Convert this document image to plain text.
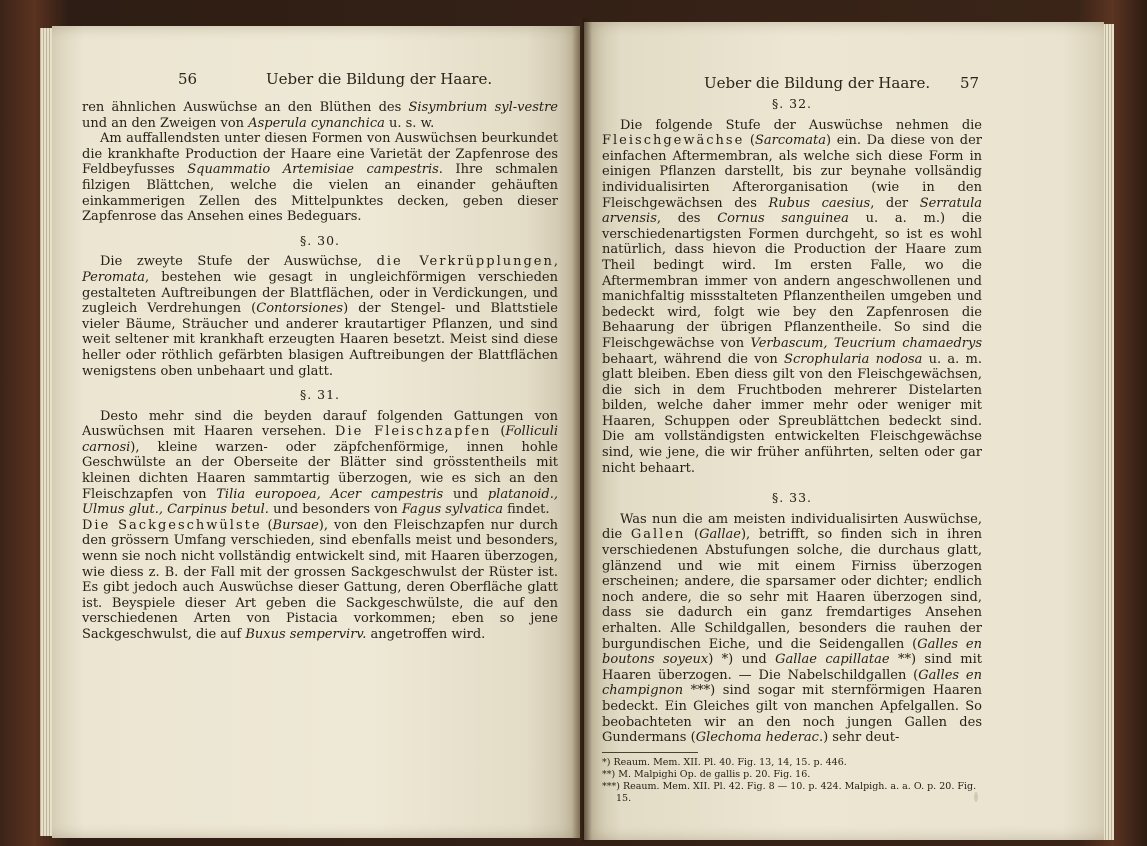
56	Ueber die Bildung der Haare.

ren ähnlichen Auswüchse an den Blüthen des Sisymbrium syl-vestre und an den Zweigen von Asperula cynanchica u. s. w.

Am auffallendsten unter diesen Formen von Auswüchsen beurkundet die krankhafte Production der Haare eine Varietät der Zapfenrose des Feldbeyfusses Squammatio Artemisiae campestris. Ihre schmalen filzigen Blättchen, welche die vielen an einander gehäuften einkammerigen Zellen des Mittelpunktes decken, geben dieser Zapfenrose das Ansehen eines Bedeguars.

§. 30.

Die zweyte Stufe der Auswüchse, die Verkrüpplungen, Peromata, bestehen wie gesagt in ungleichförmigen verschieden gestalteten Auftreibungen der Blattflächen, oder in Verdickungen, und zugleich Verdrehungen (Contorsiones) der Stengel- und Blattstiele vieler Bäume, Sträucher und anderer krautartiger Pflanzen, und sind weit seltener mit krankhaft erzeugten Haaren besetzt. Meist sind diese heller oder röthlich gefärbten blasigen Auftreibungen der Blattflächen wenigstens oben unbehaart und glatt.

§. 31.

Desto mehr sind die beyden darauf folgenden Gattungen von Auswüchsen mit Haaren versehen. Die Fleischzapfen (Folliculi carnosi), kleine warzen- oder zäpfchenförmige, innen hohle Geschwülste an der Oberseite der Blätter sind grösstentheils mit kleinen dichten Haaren sammtartig überzogen, wie es sich an den Fleischzapfen von Tilia europoea, Acer campestris und platanoid., Ulmus glut., Carpinus betul. und besonders von Fagus sylvatica findet.

Die Sackgeschwülste (Bursae), von den Fleischzapfen nur durch den grössern Umfang verschieden, sind ebenfalls meist und besonders, wenn sie noch nicht vollständig entwickelt sind, mit Haaren überzogen, wie diess z. B. der Fall mit der grossen Sackgeschwulst der Rüster ist. Es gibt jedoch auch Auswüchse dieser Gattung, deren Oberfläche glatt ist. Beyspiele dieser Art geben die Sackgeschwülste, die auf den verschiedenen Arten von Pistacia vorkommen; eben so jene Sackgeschwulst, die auf Buxus sempervirv. angetroffen wird.

Ueber die Bildung der Haare. 57
§. 32.

Die folgende Stufe der Auswüchse nehmen die Fleischgewächse (Sarcomata) ein. Da diese von der einfachen Aftermembran, als welche sich diese Form in einigen Pflanzen darstellt, bis zur beynahe vollsändig individualisirten Afterorganisation (wie in den Fleischgewächsen des Rubus caesius, der Serratula arvensis, des Cornus sanguinea u. a. m.) die verschiedenartigsten Formen durchgeht, so ist es wohl natürlich, dass hievon die Production der Haare zum Theil bedingt wird. Im ersten Falle, wo die Aftermembran immer von andern angeschwollenen und manichfaltig missstalteten Pflanzentheilen umgeben und bedeckt wird, folgt wie bey den Zapfenrosen die Behaarung der übrigen Pflanzentheile. So sind die Fleischgewächse von Verbascum, Teucrium chamaedrys behaart, während die von Scrophularia nodosa u. a. m. glatt bleiben. Eben diess gilt von den Fleischgewächsen, die sich in dem Fruchtboden mehrerer Distelarten bilden, welche daher immer mehr oder weniger mit Haaren, Schuppen oder Spreublättchen bedeckt sind. Die am vollständigsten entwickelten Fleischgewächse sind, wie jene, die wir früher anführten, selten oder gar nicht behaart.

§. 33.

Was nun die am meisten individualisirten Auswüchse, die Gallen (Gallae), betrifft, so finden sich in ihren verschiedenen Abstufungen solche, die durchaus glatt, glänzend und wie mit einem Firniss überzogen erscheinen; andere, die sparsamer oder dichter; endlich noch andere, die so sehr mit Haaren überzogen sind, dass sie dadurch ein ganz fremdartiges Ansehen erhalten. Alle Schildgallen, besonders die rauhen der burgundischen Eiche, und die Seidengallen (Galles en boutons soyeux) *) und Gallae capillatae **) sind mit Haaren überzogen. — Die Nabelschildgallen (Galles en champignon ***) sind sogar mit sternförmigen Haaren bedeckt. Ein Gleiches gilt von manchen Apfelgallen. So beobachteten wir an den noch jungen Gallen des Gundermans (Glechoma hederac.) sehr deut-

*) Reaum. Mem. XII. Pl. 40. Fig. 13, 14, 15. p. 446.

**) M. Malpighi Op. de gallis p. 20. Fig. 16.

***) Reaum. Mem. XII. Pl. 42. Fig. 8 — 10. p. 424. Malpigh. a. a. O. p. 20. Fig. 15.
